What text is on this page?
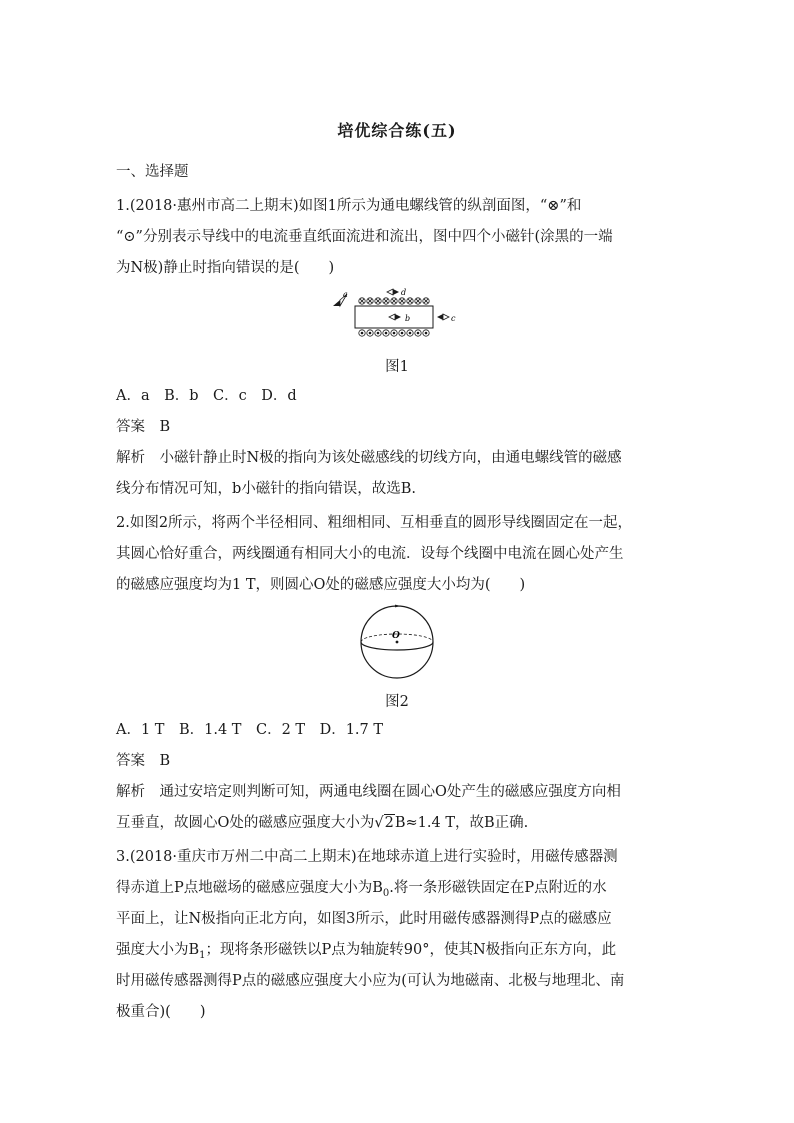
培优综合练(五)
一、选择题
1.(2018·惠州市高二上期末)如图1所示为通电螺线管的纵剖面图，“⊗”和
“⊙”分别表示导线中的电流垂直纸面流进和流出，图中四个小磁针(涂黑的一端
为N极)静止时指向错误的是(　　)
a	d
b	c
图1
A．a　B．b　C．c　D．d
答案　B
解析　小磁针静止时N极的指向为该处磁感线的切线方向，由通电螺线管的磁感
线分布情况可知，b小磁针的指向错误，故选B.
2.如图2所示，将两个半径相同、粗细相同、互相垂直的圆形导线圈固定在一起，
其圆心恰好重合，两线圈通有相同大小的电流．设每个线圈中电流在圆心处产生
的磁感应强度均为1 T，则圆心O处的磁感应强度大小均为(　　)
O
图2
A．1 T　B．1.4 T　C．2 T　D．1.7 T
答案　B
解析　通过安培定则判断可知，两通电线圈在圆心O处产生的磁感应强度方向相
互垂直，故圆心O处的磁感应强度大小为√2B≈1.4 T，故B正确.
3.(2018·重庆市万州二中高二上期末)在地球赤道上进行实验时，用磁传感器测
得赤道上P点地磁场的磁感应强度大小为$B_0$.将一条形磁铁固定在P点附近的水
平面上，让N极指向正北方向，如图3所示，此时用磁传感器测得P点的磁感应
强度大小为$B_1$；现将条形磁铁以P点为轴旋转90°，使其N极指向正东方向，此
时用磁传感器测得P点的磁感应强度大小应为(可认为地磁南、北极与地理北、南
极重合)(　　)
